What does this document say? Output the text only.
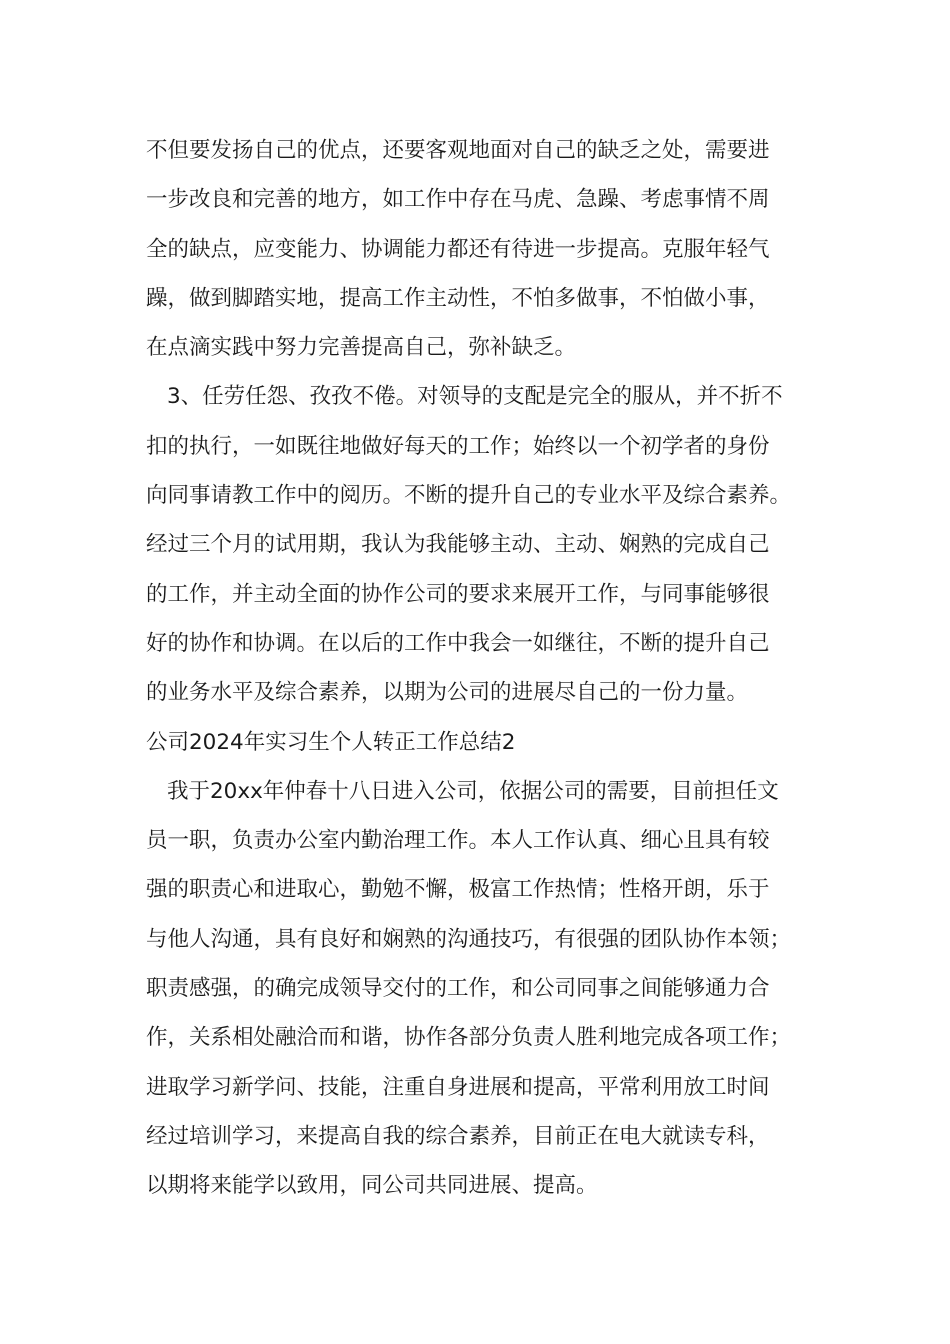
不但要发扬自己的优点，还要客观地面对自己的缺乏之处，需要进
一步改良和完善的地方，如工作中存在马虎、急躁、考虑事情不周
全的缺点，应变能力、协调能力都还有待进一步提高。克服年轻气
躁，做到脚踏实地，提高工作主动性，不怕多做事，不怕做小事，
在点滴实践中努力完善提高自己，弥补缺乏。
3、任劳任怨、孜孜不倦。对领导的支配是完全的服从，并不折不
扣的执行，一如既往地做好每天的工作；始终以一个初学者的身份
向同事请教工作中的阅历。不断的提升自己的专业水平及综合素养。
经过三个月的试用期，我认为我能够主动、主动、娴熟的完成自己
的工作，并主动全面的协作公司的要求来展开工作，与同事能够很
好的协作和协调。在以后的工作中我会一如继往，不断的提升自己
的业务水平及综合素养，以期为公司的进展尽自己的一份力量。
公司2024年实习生个人转正工作总结2
我于20xx年仲春十八日进入公司，依据公司的需要，目前担任文
员一职，负责办公室内勤治理工作。本人工作认真、细心且具有较
强的职责心和进取心，勤勉不懈，极富工作热情；性格开朗，乐于
与他人沟通，具有良好和娴熟的沟通技巧，有很强的团队协作本领；
职责感强，的确完成领导交付的工作，和公司同事之间能够通力合
作，关系相处融洽而和谐，协作各部分负责人胜利地完成各项工作；
进取学习新学问、技能，注重自身进展和提高，平常利用放工时间
经过培训学习，来提高自我的综合素养，目前正在电大就读专科，
以期将来能学以致用，同公司共同进展、提高。
